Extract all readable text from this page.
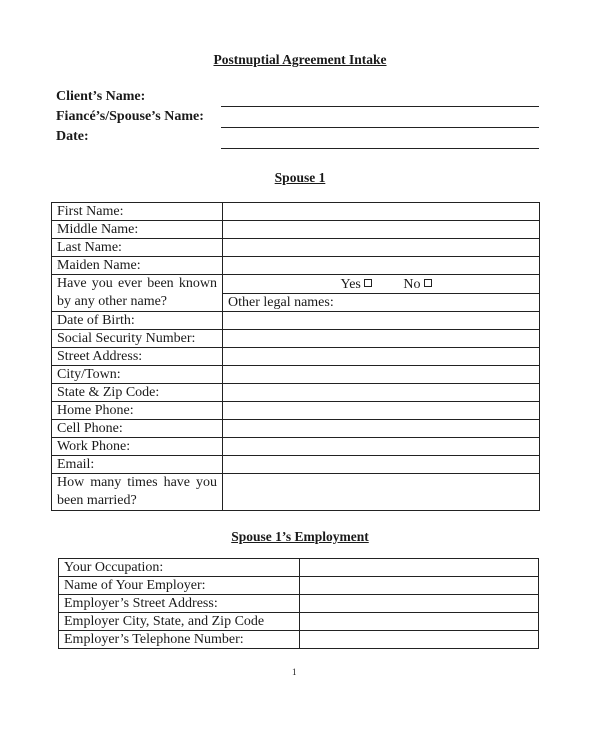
Postnuptial Agreement Intake
Client’s Name:
Fiancé’s/Spouse’s Name:
Date:
Spouse 1
First Name:	
Middle Name:	
Last Name:	
Maiden Name:	
Have you ever been known by any other name?	Yes No
Other legal names:

Date of Birth:	
Social Security Number:	
Street Address:	
City/Town:	
State & Zip Code:	
Home Phone:	
Cell Phone:	
Work Phone:	
Email:	
How many times have you been married?	
Spouse 1’s Employment
Your Occupation:	
Name of Your Employer:	
Employer’s Street Address:	
Employer City, State, and Zip Code	
Employer’s Telephone Number:	
1
